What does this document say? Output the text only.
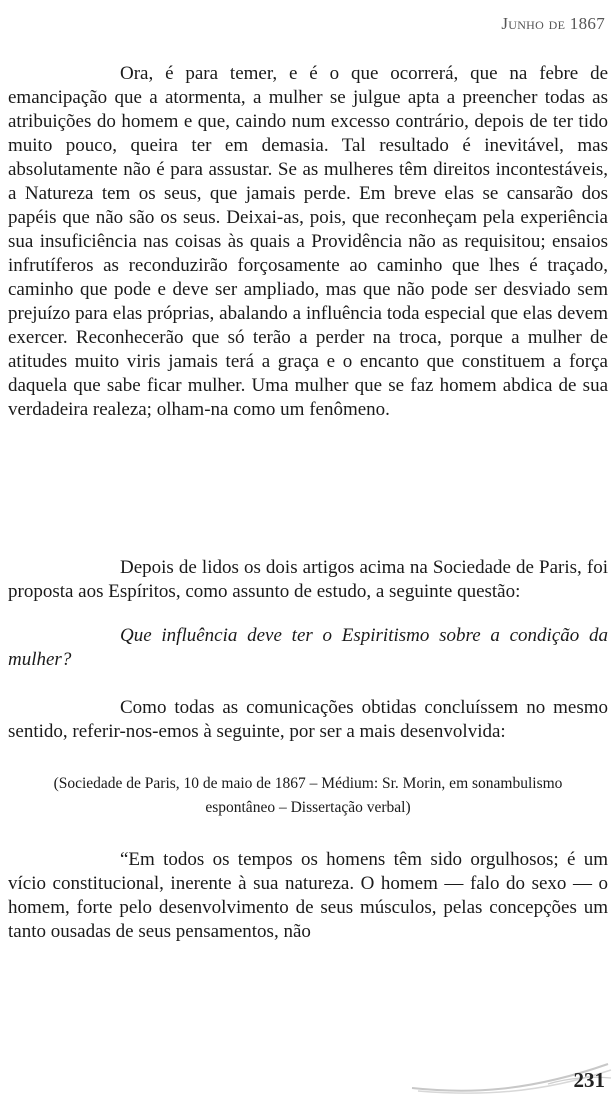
Junho de 1867

Ora, é para temer, e é o que ocorrerá, que na febre de emancipação que a atormenta, a mulher se julgue apta a preencher todas as atribuições do homem e que, caindo num excesso contrário, depois de ter tido muito pouco, queira ter em demasia. Tal resultado é inevitável, mas absolutamente não é para assustar. Se as mulheres têm direitos incontestáveis, a Natureza tem os seus, que jamais perde. Em breve elas se cansarão dos papéis que não são os seus. Deixai-as, pois, que reconheçam pela experiência sua insuficiência nas coisas às quais a Providência não as requisitou; ensaios infrutíferos as reconduzirão forçosamente ao caminho que lhes é traçado, caminho que pode e deve ser ampliado, mas que não pode ser desviado sem prejuízo para elas próprias, abalando a influência toda especial que elas devem exercer. Reconhecerão que só terão a perder na troca, porque a mulher de atitudes muito viris jamais terá a graça e o encanto que constituem a força daquela que sabe ficar mulher. Uma mulher que se faz homem abdica de sua verdadeira realeza; olham-na como um fenômeno.

Depois de lidos os dois artigos acima na Sociedade de Paris, foi proposta aos Espíritos, como assunto de estudo, a seguinte questão:

Que influência deve ter o Espiritismo sobre a condição da mulher?

Como todas as comunicações obtidas concluíssem no mesmo sentido, referir-nos-emos à seguinte, por ser a mais desenvolvida:

(Sociedade de Paris, 10 de maio de 1867 – Médium: Sr. Morin, em sonambulismo espontâneo – Dissertação verbal)

“Em todos os tempos os homens têm sido orgulhosos; é um vício constitucional, inerente à sua natureza. O homem — falo do sexo — o homem, forte pelo desenvolvimento de seus músculos, pelas concepções um tanto ousadas de seus pensamentos, não

231
